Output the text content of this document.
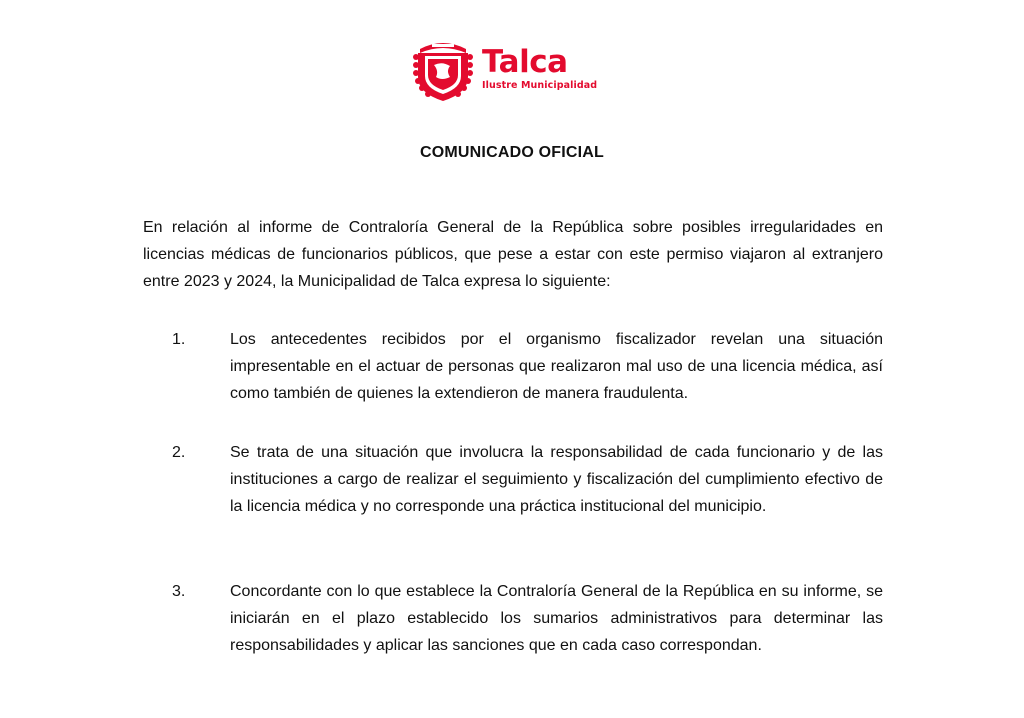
Talca
Ilustre Municipalidad
COMUNICADO OFICIAL
En relación al informe de Contraloría General de la República sobre posibles irregularidades en licencias médicas de funcionarios públicos, que pese a estar con este permiso viajaron al extranjero entre 2023 y 2024, la Municipalidad de Talca expresa lo siguiente:
1.	Los antecedentes recibidos por el organismo fiscalizador revelan una situación impresentable en el actuar de personas que realizaron mal uso de una licencia médica, así como también de quienes la extendieron de manera fraudulenta.
2.	Se trata de una situación que involucra la responsabilidad de cada funcionario y de las instituciones a cargo de realizar el seguimiento y fiscalización del cumplimiento efectivo de la licencia médica y no corresponde una práctica institucional del municipio.
3.	Concordante con lo que establece la Contraloría General de la República en su informe, se iniciarán en el plazo establecido los sumarios administrativos para determinar las responsabilidades y aplicar las sanciones que en cada caso correspondan.
